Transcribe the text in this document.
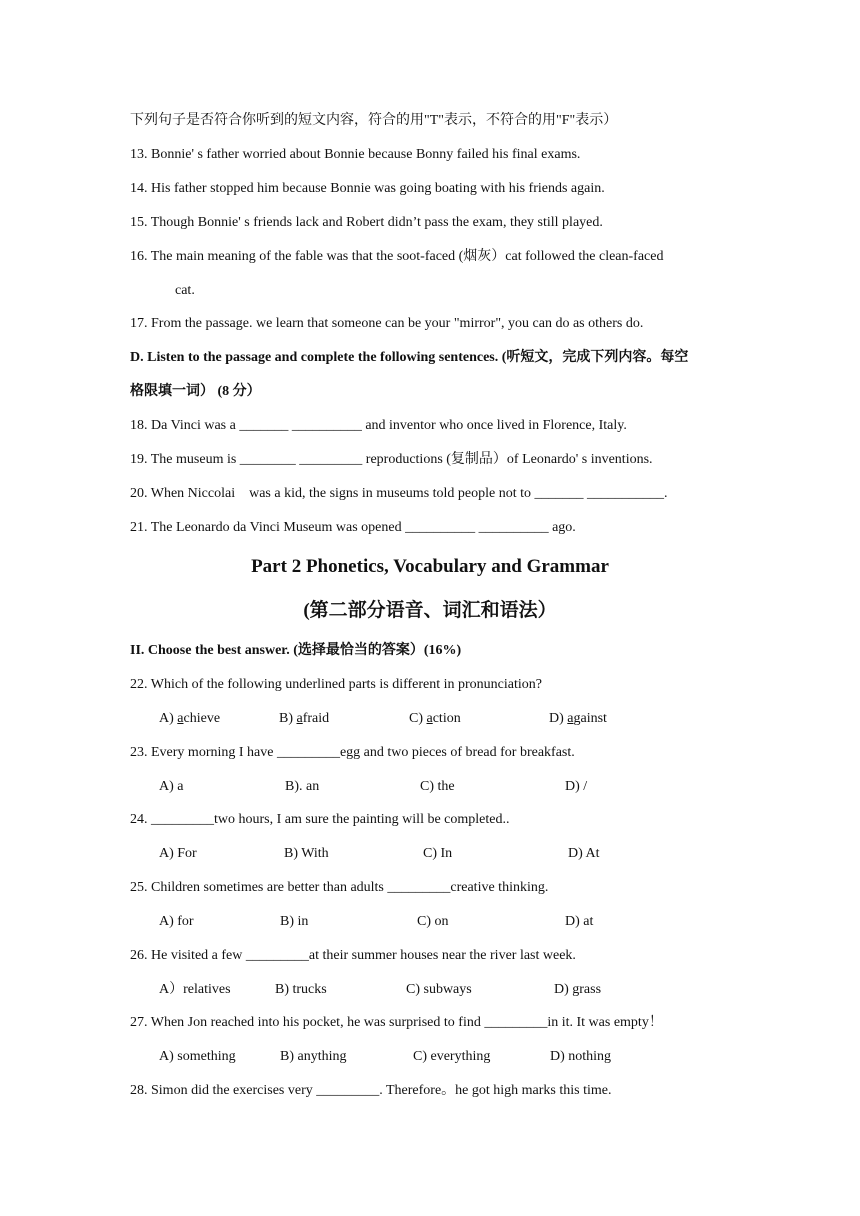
下列句子是否符合你听到的短文内容，符合的用"T"表示，不符合的用"F"表示）
13. Bonnie' s father worried about Bonnie because Bonny failed his final exams.
14. His father stopped him because Bonnie was going boating with his friends again.
15. Though Bonnie' s friends lack and Robert didn’t pass the exam, they still played.
16. The main meaning of the fable was that the soot-faced (烟灰）cat followed the clean-faced
cat.
17. From the passage. we learn that someone can be your "mirror", you can do as others do.
D. Listen to the passage and complete the following sentences. (听短文，完成下列内容。每空
格限填一词） (8 分）
18. Da Vinci was a _______ __________ and inventor who once lived in Florence, Italy.
19. The museum is ________ _________ reproductions (复制品）of Leonardo' s inventions.
20. When Niccolai    was a kid, the signs in museums told people not to _______ ___________.
21. The Leonardo da Vinci Museum was opened __________ __________ ago.
Part 2 Phonetics, Vocabulary and Grammar
(第二部分语音、词汇和语法）
II. Choose the best answer. (选择最恰当的答案）(16%)
22. Which of the following underlined parts is different in pronunciation?
A) achieve	B) afraid	C) action	D) against
23. Every morning I have _________egg and two pieces of bread for breakfast.
A) a	B). an	C) the	D) /
24. _________two hours, I am sure the painting will be completed..
A) For	B) With	C) In	D) At
25. Children sometimes are better than adults _________creative thinking.
A) for	B) in	C) on	D) at
26. He visited a few _________at their summer houses near the river last week.
A）relatives	B) trucks	C) subways	D) grass
27. When Jon reached into his pocket, he was surprised to find _________in it. It was empty！
A) something	B) anything	C) everything	D) nothing
28. Simon did the exercises very _________. Therefore。he got high marks this time.
